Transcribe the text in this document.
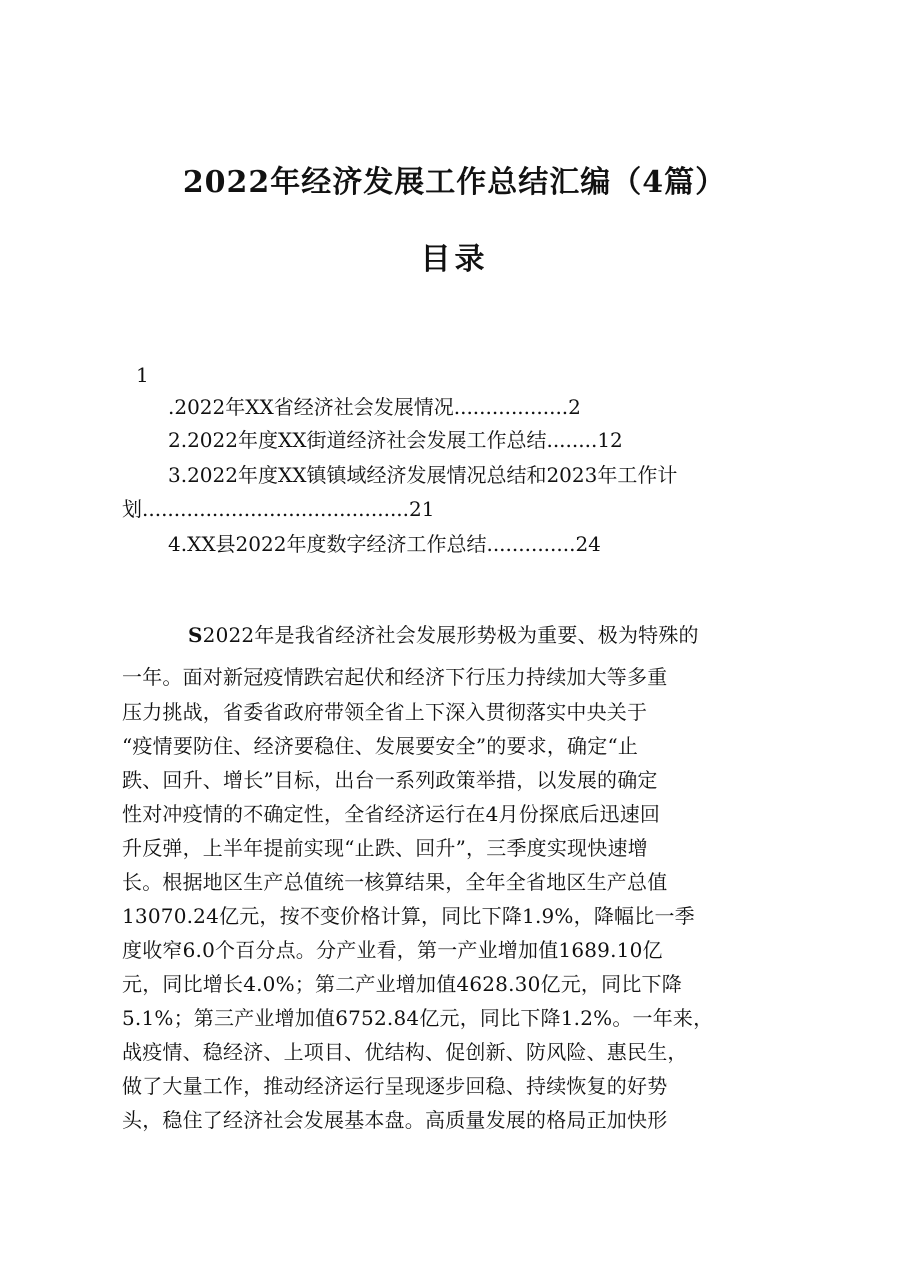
2022年经济发展工作总结汇编（4篇）
目录
1
.2022年XX省经济社会发展情况..................2
2.2022年度XX街道经济社会发展工作总结........12
3.2022年度XX镇镇域经济发展情况总结和2023年工作计
划..........................................21
4.XX县2022年度数字经济工作总结..............24
S2022年是我省经济社会发展形势极为重要、极为特殊的
一年。面对新冠疫情跌宕起伏和经济下行压力持续加大等多重
压力挑战，省委省政府带领全省上下深入贯彻落实中央关于
“疫情要防住、经济要稳住、发展要安全”的要求，确定“止
跌、回升、增长”目标，出台一系列政策举措，以发展的确定
性对冲疫情的不确定性，全省经济运行在4月份探底后迅速回
升反弹，上半年提前实现“止跌、回升”，三季度实现快速增
长。根据地区生产总值统一核算结果，全年全省地区生产总值
13070.24亿元，按不变价格计算，同比下降1.9%，降幅比一季
度收窄6.0个百分点。分产业看，第一产业增加值1689.10亿
元，同比增长4.0%；第二产业增加值4628.30亿元，同比下降
5.1%；第三产业增加值6752.84亿元，同比下降1.2%。一年来，
战疫情、稳经济、上项目、优结构、促创新、防风险、惠民生，
做了大量工作，推动经济运行呈现逐步回稳、持续恢复的好势
头，稳住了经济社会发展基本盘。高质量发展的格局正加快形
